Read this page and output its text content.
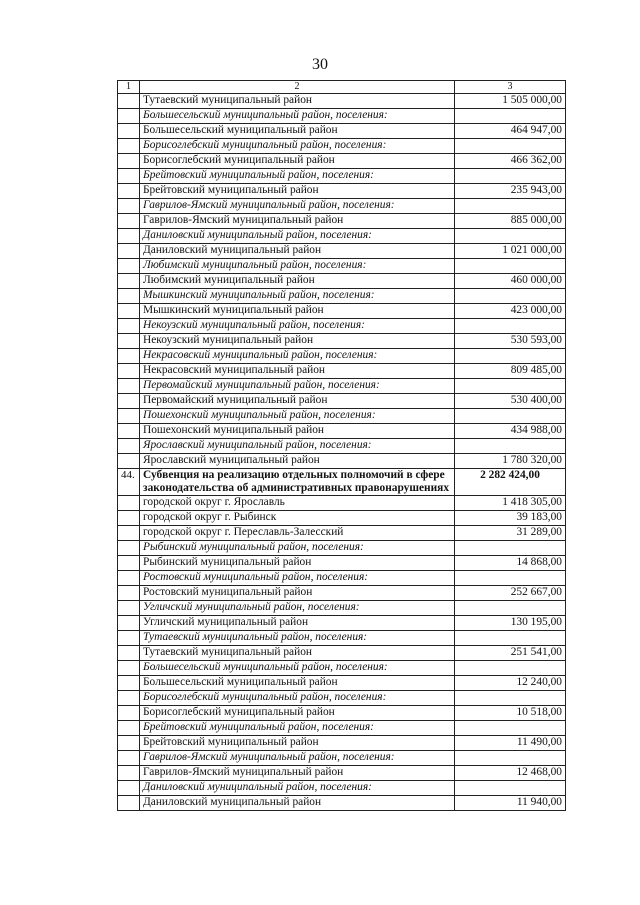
30
1	2	3
	Тутаевский муниципальный район	1 505 000,00
	Большесельский муниципальный район, поселения:	
	Большесельский муниципальный район	464 947,00
	Борисоглебский муниципальный район, поселения:	
	Борисоглебский муниципальный район	466 362,00
	Брейтовский муниципальный район, поселения:	
	Брейтовский муниципальный район	235 943,00
	Гаврилов-Ямский муниципальный район, поселения:	
	Гаврилов-Ямский муниципальный район	885 000,00
	Даниловский муниципальный район, поселения:	
	Даниловский муниципальный район	1 021 000,00
	Любимский муниципальный район, поселения:	
	Любимский муниципальный район	460 000,00
	Мышкинский муниципальный район, поселения:	
	Мышкинский муниципальный район	423 000,00
	Некоузский муниципальный район, поселения:	
	Некоузский муниципальный район	530 593,00
	Некрасовский муниципальный район, поселения:	
	Некрасовский муниципальный район	809 485,00
	Первомайский муниципальный район, поселения:	
	Первомайский муниципальный район	530 400,00
	Пошехонский муниципальный район, поселения:	
	Пошехонский муниципальный район	434 988,00
	Ярославский муниципальный район, поселения:	
	Ярославский муниципальный район	1 780 320,00
44.	Субвенция на реализацию отдельных полномочий в сфере законодательства об административных правонарушениях	2 282 424,00
	городской округ г. Ярославль	1 418 305,00
	городской округ г. Рыбинск	39 183,00
	городской округ г. Переславль-Залесский	31 289,00
	Рыбинский муниципальный район, поселения:	
	Рыбинский муниципальный район	14 868,00
	Ростовский муниципальный район, поселения:	
	Ростовский муниципальный район	252 667,00
	Угличский муниципальный район, поселения:	
	Угличский муниципальный район	130 195,00
	Тутаевский муниципальный район, поселения:	
	Тутаевский муниципальный район	251 541,00
	Большесельский муниципальный район, поселения:	
	Большесельский муниципальный район	12 240,00
	Борисоглебский муниципальный район, поселения:	
	Борисоглебский муниципальный район	10 518,00
	Брейтовский муниципальный район, поселения:	
	Брейтовский муниципальный район	11 490,00
	Гаврилов-Ямский муниципальный район, поселения:	
	Гаврилов-Ямский муниципальный район	12 468,00
	Даниловский муниципальный район, поселения:	
	Даниловский муниципальный район	11 940,00
